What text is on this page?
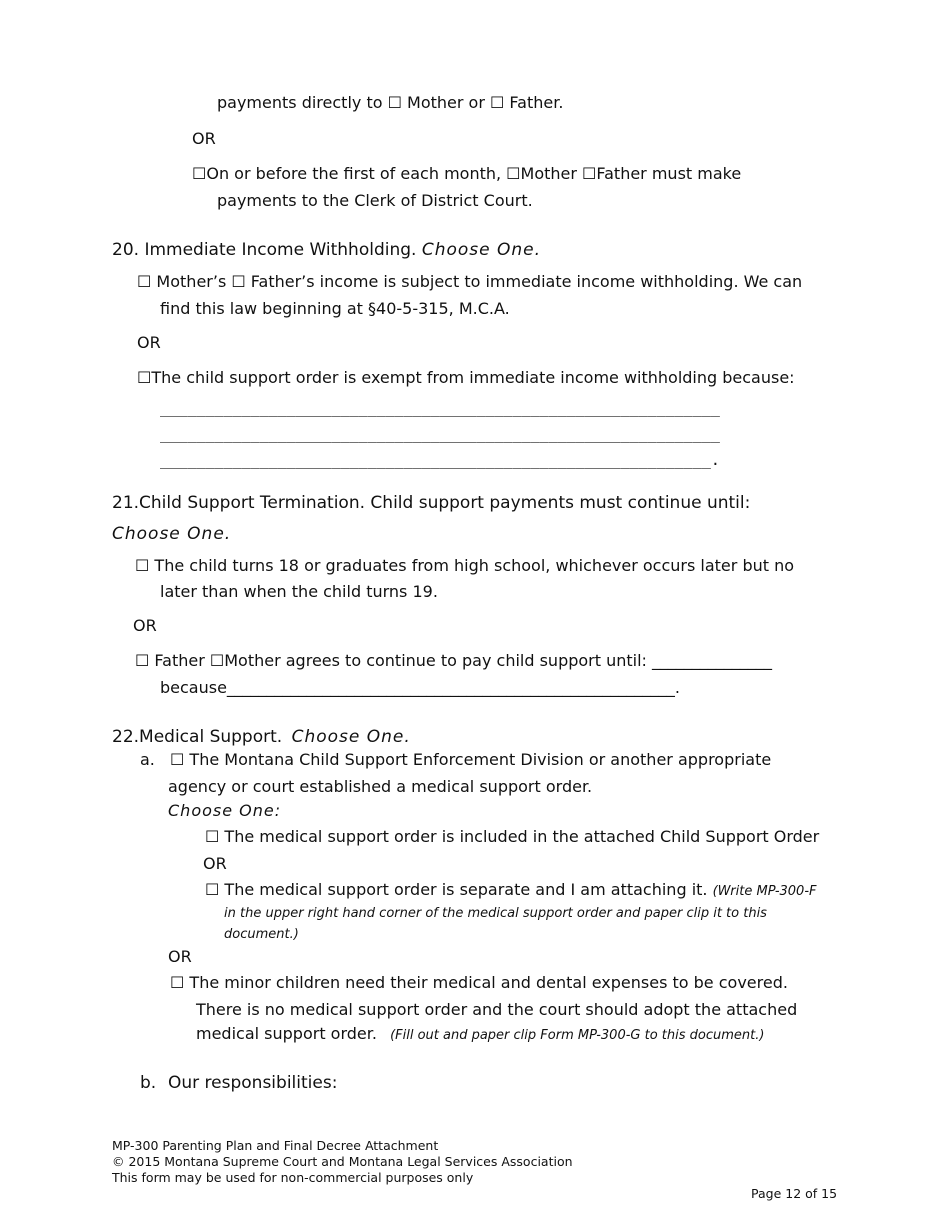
payments directly to ☐ Mother or ☐ Father.
OR
☐On or before the first of each month, ☐Mother ☐Father must make
payments to the Clerk of District Court.
20. Immediate Income Withholding. Choose One.
☐ Mother’s ☐ Father’s income is subject to immediate income withholding. We can
find this law beginning at §40-5-315, M.C.A.
OR
☐The child support order is exempt from immediate income withholding because:
______________________________________________________________
______________________________________________________________
_____________________________________________________________.
21.Child Support Termination. Child support payments must continue until:
Choose One.
☐ The child turns 18 or graduates from high school, whichever occurs later but no
later than when the child turns 19.
OR
☐ Father ☐Mother agrees to continue to pay child support until: _______________
because________________________________________________________.
22.Medical Support. Choose One.
a. ☐ The Montana Child Support Enforcement Division or another appropriate
agency or court established a medical support order.
Choose One:
☐ The medical support order is included in the attached Child Support Order
OR
☐ The medical support order is separate and I am attaching it. (Write MP-300-F
in the upper right hand corner of the medical support order and paper clip it to this
document.)
OR
☐ The minor children need their medical and dental expenses to be covered.
There is no medical support order and the court should adopt the attached
medical support order. (Fill out and paper clip Form MP-300-G to this document.)
b. Our responsibilities:
MP-300 Parenting Plan and Final Decree Attachment
© 2015 Montana Supreme Court and Montana Legal Services Association
This form may be used for non-commercial purposes only
Page 12 of 15
